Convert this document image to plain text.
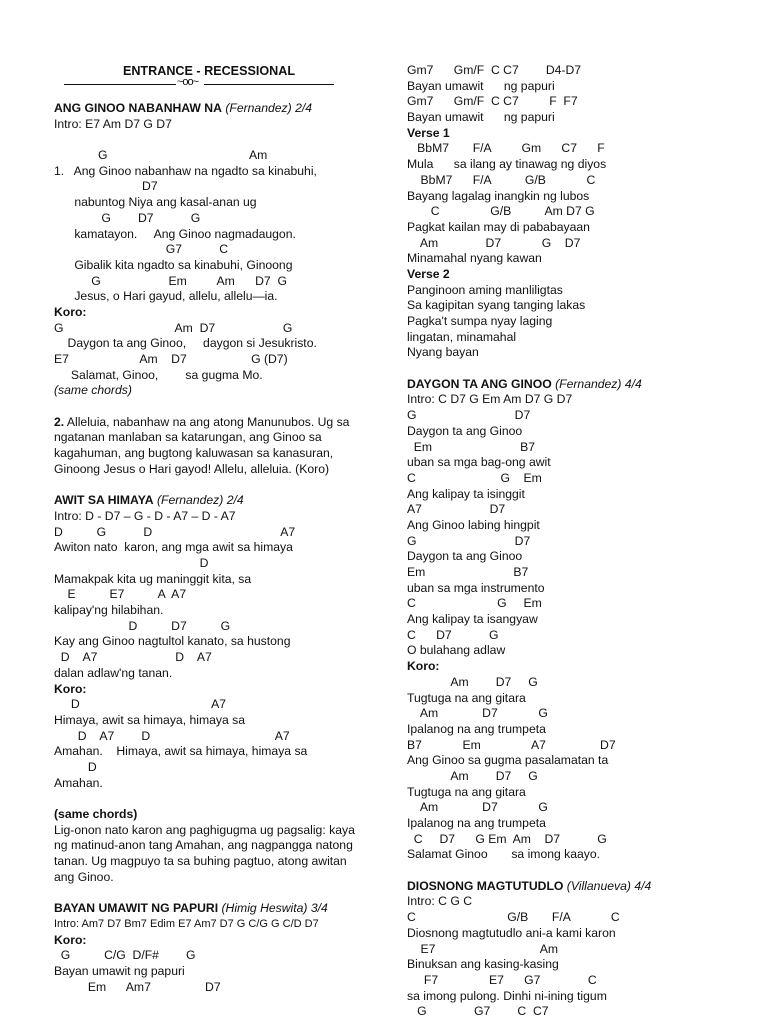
ENTRANCE - RECESSIONAL
~oo~
ANG GINOO NABANHAW NA (Fernandez) 2/4
Intro: E7 Am D7 G D7
G                                          Am
1.   Ang Ginoo nabanhaw na ngadto sa kinabuhi,
D7
nabuntog Niya ang kasal-anan ug
G        D7           G
kamatayon.     Ang Ginoo nagmadaugon.
G7           C
Gibalik kita ngadto sa kinabuhi, Ginoong
G                    Em         Am      D7  G
Jesus, o Hari gayud, allelu, allelu—ia.
Koro:
G                                 Am  D7                    G
Daygon ta ang Ginoo,     daygon si Jesukristo.
E7                     Am    D7                   G (D7)
Salamat, Ginoo,        sa gugma Mo.
(same chords)
2. Alleluia, nabanhaw na ang atong Manunubos. Ug sa ngatanan manlaban sa katarungan, ang Ginoo sa kagahuman, ang bugtong kaluwasan sa kanasuran, Ginoong Jesus o Hari gayod! Allelu, alleluia. (Koro)
AWIT SA HIMAYA (Fernandez) 2/4
Intro: D - D7 – G - D - A7 – D - A7
D          G           D                                      A7
Awiton nato  karon, ang mga awit sa himaya
D
Mamakpak kita ug maninggit kita, sa
E          E7          A  A7
kalipay'ng hilabihan.
D          D7          G
Kay ang Ginoo nagtultol kanato, sa hustong
D    A7                       D    A7
dalan adlaw'ng tanan.
Koro:
D                                       A7
Himaya, awit sa himaya, himaya sa
D    A7        D                                     A7
Amahan.    Himaya, awit sa himaya, himaya sa
D
Amahan.
(same chords)
Lig-onon nato karon ang paghigugma ug pagsalig: kaya ng matinud-anon tang Amahan, ang nagpangga natong tanan. Ug magpuyo ta sa buhing pagtuo, atong awitan ang Ginoo.
BAYAN UMAWIT NG PAPURI (Himig Heswita) 3/4
Intro: Am7 D7 Bm7 Edim E7 Am7 D7 G C/G G C/D D7
Koro:
G          C/G  D/F#        G
Bayan umawit ng papuri
Em      Am7                D7
Gm7      Gm/F  C C7        D4-D7
Bayan umawit      ng papuri
Gm7      Gm/F  C C7         F  F7
Bayan umawit      ng papuri
Verse 1
BbM7       F/A         Gm      C7      F
Mula      sa ilang ay tinawag ng diyos
BbM7      F/A          G/B            C
Bayang lagalag inangkin ng lubos
C               G/B          Am D7 G
Pagkat kailan may di pababayaan
Am              D7            G    D7
Minamahal nyang kawan
Verse 2
Panginoon aming manliligtas
Sa kagipitan syang tanging lakas
Pagka't sumpa nyay laging
lingatan, minamahal
Nyang bayan
DAYGON TA ANG GINOO (Fernandez) 4/4
Intro: C D7 G Em Am D7 G D7
G                             D7
Daygon ta ang Ginoo
Em                          B7
uban sa mga bag-ong awit
C                         G    Em
Ang kalipay ta isinggit
A7                    D7
Ang Ginoo labing hingpit
G                             D7
Daygon ta ang Ginoo
Em                          B7
uban sa mga instrumento
C                        G     Em
Ang kalipay ta isangyaw
C      D7           G
O bulahang adlaw
Koro:
Am        D7     G
Tugtuga na ang gitara
Am             D7            G
Ipalanog na ang trumpeta
B7            Em               A7                D7
Ang Ginoo sa gugma pasalamatan ta
Am        D7     G
Tugtuga na ang gitara
Am             D7            G
Ipalanog na ang trumpeta
C     D7      G Em  Am    D7           G
Salamat Ginoo       sa imong kaayo.
DIOSNONG MAGTUTUDLO (Villanueva) 4/4
Intro: C G C
C                           G/B       F/A            C
Diosnong magtutudlo ani-a kami karon
E7                               Am
Binuksan ang kasing-kasing
F7               E7      G7              C
sa imong pulong. Dinhi ni-ining tigum
G              G7        C  C7
